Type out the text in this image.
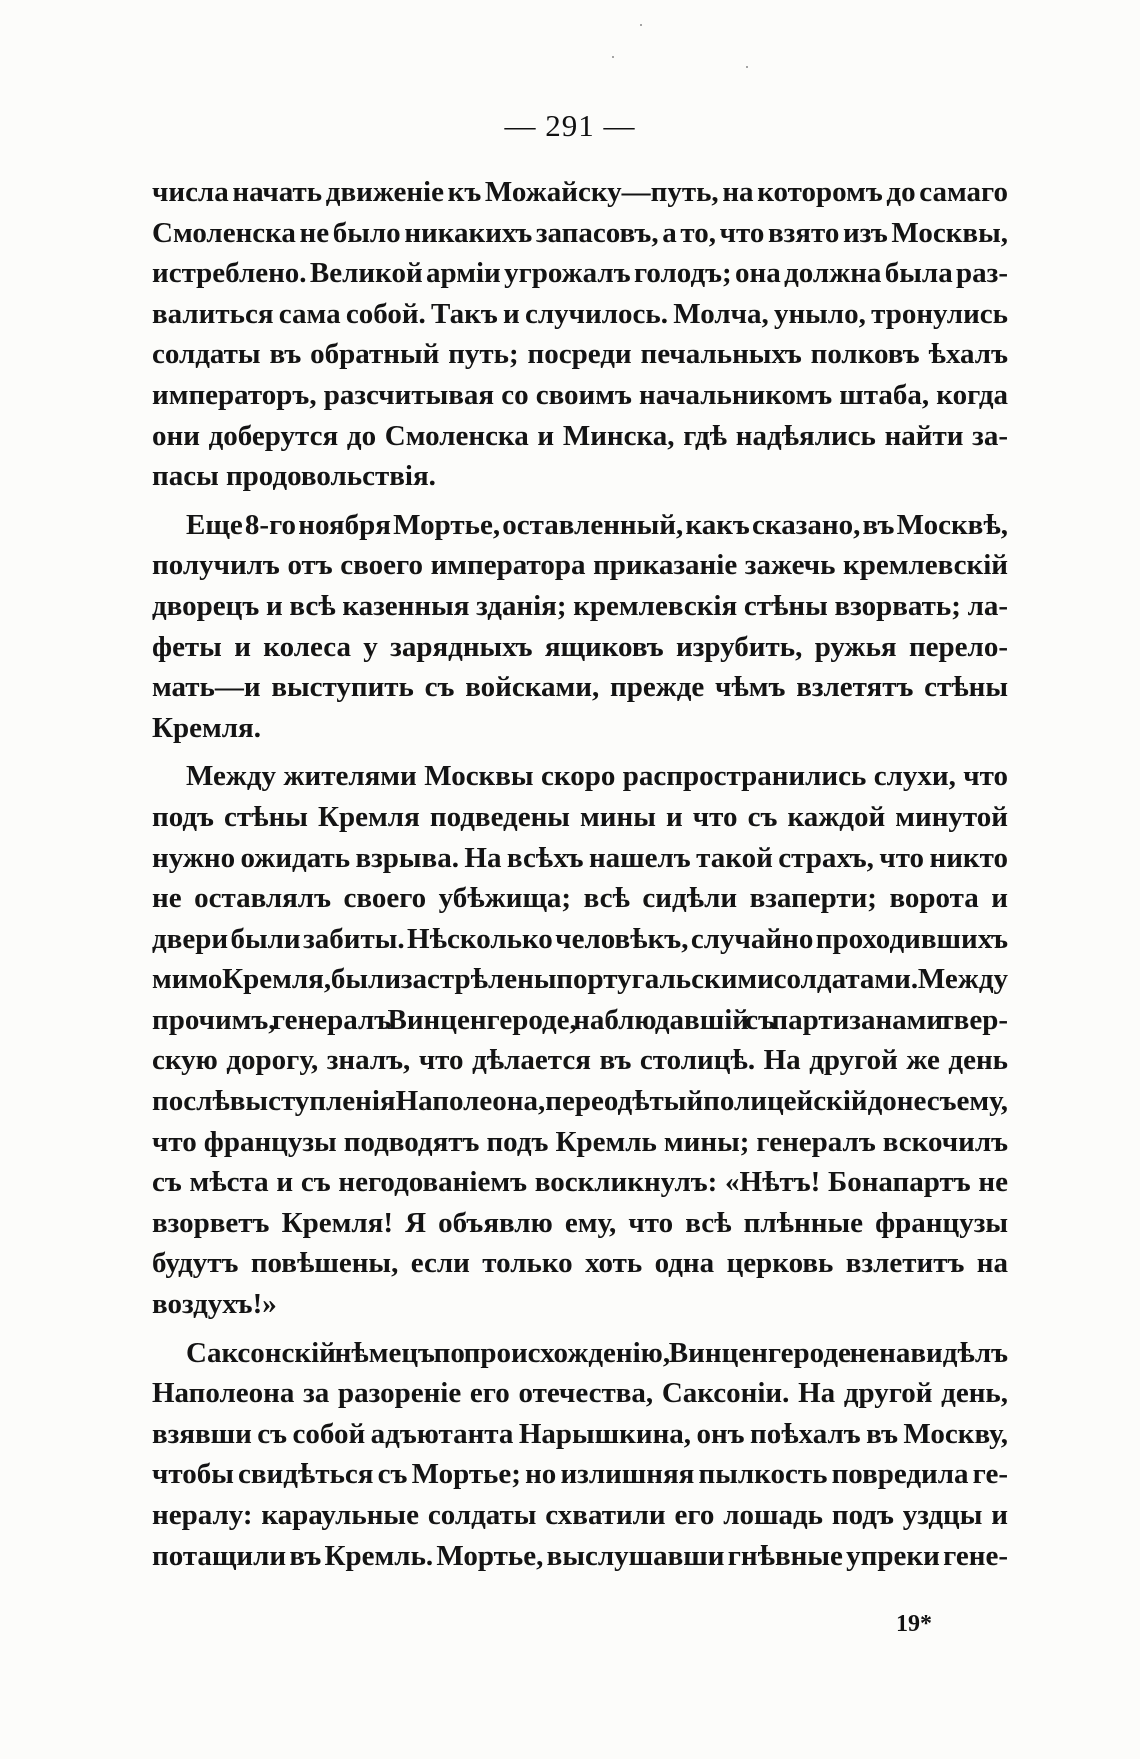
— 291 —

числа начать движенiе къ Можайску—путь, на которомъ до самаго
Смоленска не было никакихъ запасовъ, а то, что взято изъ Москвы,
истреблено. Великой армiи угрожалъ голодъ; она должна была раз-
валиться сама собой. Такъ и случилось. Молча, уныло, тронулись
солдаты въ обратный путь; посреди печальныхъ полковъ ѣхалъ
императоръ, разсчитывая со своимъ начальникомъ штаба, когда
они доберутся до Смоленска и Минска, гдѣ надѣялись найти за-
пасы продовольствiя.

Еще 8-го ноября Мортье, оставленный, какъ сказано, въ Москвѣ,
получилъ отъ своего императора приказанiе зажечь кремлевскiй
дворецъ и всѣ казенныя зданiя; кремлевскiя стѣны взорвать; ла-
феты и колеса у зарядныхъ ящиковъ изрубить, ружья перело-
мать—и выступить съ войсками, прежде чѣмъ взлетятъ стѣны
Кремля.

Между жителями Москвы скоро распространились слухи, что
подъ стѣны Кремля подведены мины и что съ каждой минутой
нужно ожидать взрыва. На всѣхъ нашелъ такой страхъ, что никто
не оставлялъ своего убѣжища; всѣ сидѣли взаперти; ворота и
двери были забиты. Нѣсколько человѣкъ, случайно проходившихъ
мимо Кремля, были застрѣлены португальскими солдатами. Между
прочимъ, генералъ Винценгероде, наблюдавшiй съ партизанами твер-
скую дорогу, зналъ, что дѣлается въ столицѣ. На другой же день
послѣ выступленiя Наполеона, переодѣтый полицейскiй донесъ ему,
что французы подводятъ подъ Кремль мины; генералъ вскочилъ
съ мѣста и съ негодованiемъ воскликнулъ: «Нѣтъ! Бонапартъ не
взорветъ Кремля! Я объявлю ему, что всѣ плѣнные французы
будутъ повѣшены, если только хоть одна церковь взлетитъ на
воздухъ!»

Саксонскiй нѣмецъ по происхожденiю, Винценгероде ненавидѣлъ
Наполеона за разоренiе его отечества, Саксонiи. На другой день,
взявши съ собой адъютанта Нарышкина, онъ поѣхалъ въ Москву,
чтобы свидѣться съ Мортье; но излишняя пылкость повредила ге-
нералу: караульные солдаты схватили его лошадь подъ уздцы и
потащили въ Кремль. Мортье, выслушавши гнѣвные упреки гене-

19*
